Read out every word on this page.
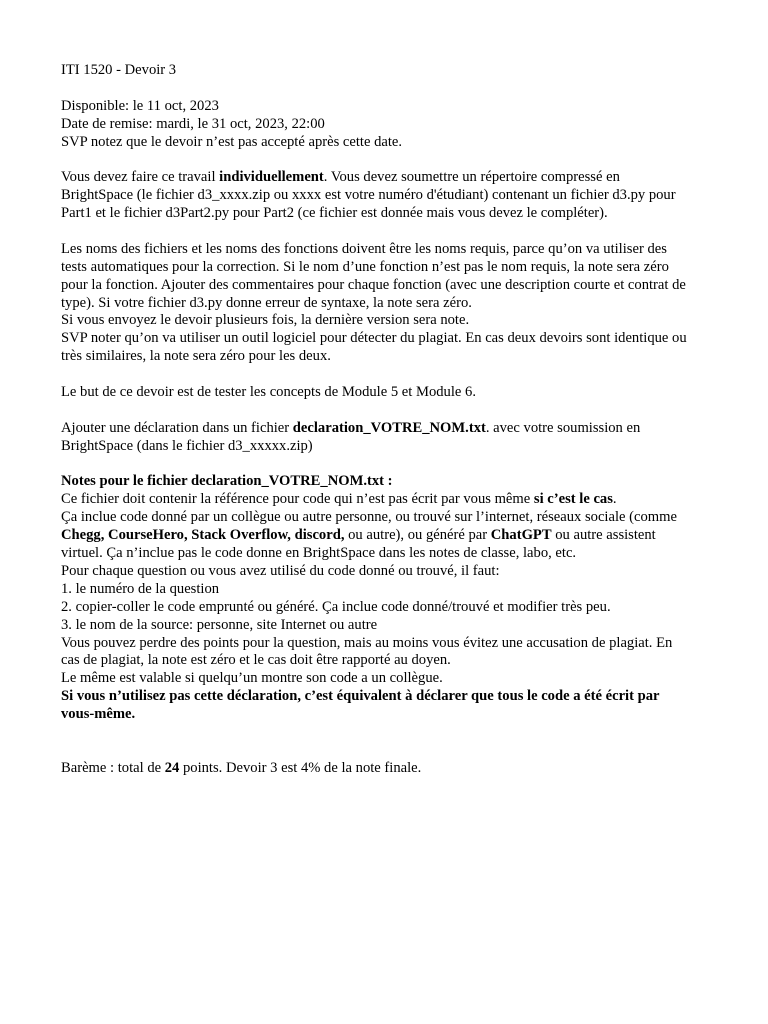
ITI 1520 - Devoir 3
Disponible: le 11 oct, 2023
Date de remise: mardi, le 31 oct, 2023, 22:00
SVP notez que le devoir n’est pas accepté après cette date.
Vous devez faire ce travail individuellement. Vous devez soumettre un répertoire compressé en
BrightSpace (le fichier d3_xxxx.zip ou xxxx est votre numéro d'étudiant) contenant un fichier d3.py pour
Part1 et le fichier d3Part2.py pour Part2 (ce fichier est donnée mais vous devez le compléter).
Les noms des fichiers et les noms des fonctions doivent être les noms requis, parce qu’on va utiliser des
tests automatiques pour la correction. Si le nom d’une fonction n’est pas le nom requis, la note sera zéro
pour la fonction. Ajouter des commentaires pour chaque fonction (avec une description courte et contrat de
type). Si votre fichier d3.py donne erreur de syntaxe, la note sera zéro.
Si vous envoyez le devoir plusieurs fois, la dernière version sera note.
SVP noter qu’on va utiliser un outil logiciel pour détecter du plagiat. En cas deux devoirs sont identique ou
très similaires, la note sera zéro pour les deux.
Le but de ce devoir est de tester les concepts de Module 5 et Module 6.
Ajouter une déclaration dans un fichier declaration_VOTRE_NOM.txt. avec votre soumission en
BrightSpace (dans le fichier d3_xxxxx.zip)
Notes pour le fichier declaration_VOTRE_NOM.txt :
Ce fichier doit contenir la référence pour code qui n’est pas écrit par vous même si c’est le cas.
Ça inclue code donné par un collègue ou autre personne, ou trouvé sur l’internet, réseaux sociale (comme
Chegg, CourseHero, Stack Overflow, discord, ou autre), ou généré par ChatGPT ou autre assistent
virtuel. Ça n’inclue pas le code donne en BrightSpace dans les notes de classe, labo, etc.
Pour chaque question ou vous avez utilisé du code donné ou trouvé, il faut:
1. le numéro de la question
2. copier-coller le code emprunté ou généré. Ça inclue code donné/trouvé et modifier très peu.
3. le nom de la source: personne, site Internet ou autre
Vous pouvez perdre des points pour la question, mais au moins vous évitez une accusation de plagiat. En
cas de plagiat, la note est zéro et le cas doit être rapporté au doyen.
Le même est valable si quelqu’un montre son code a un collègue.
Si vous n’utilisez pas cette déclaration, c’est équivalent à déclarer que tous le code a été écrit par
vous-même.
Barème : total de 24 points. Devoir 3 est 4% de la note finale.
